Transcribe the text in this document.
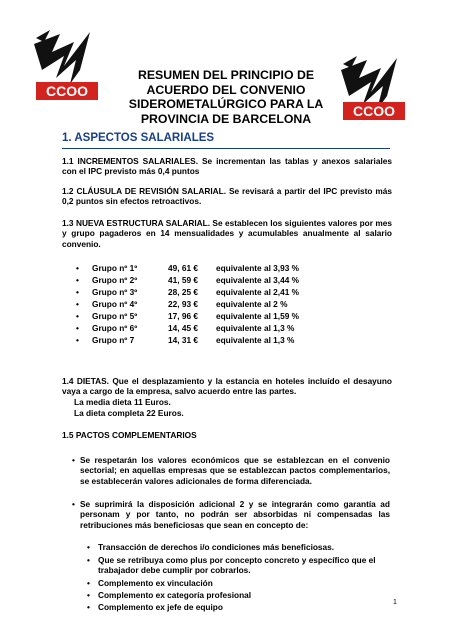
CCOO
CCOO
RESUMEN DEL PRINCIPIO DE
ACUERDO DEL CONVENIO
SIDEROMETALÚRGICO PARA LA
PROVINCIA DE BARCELONA
1. ASPECTOS SALARIALES
1.1 INCREMENTOS SALARIALES. Se incrementan las tablas y anexos salariales con el IPC previsto más 0,4 puntos
1.2 CLÁUSULA DE REVISIÓN SALARIAL. Se revisará a partir del IPC previsto más 0,2 puntos sin efectos retroactivos.
1.3 NUEVA ESTRUCTURA SALARIAL. Se establecen los siguientes valores por mes y grupo pagaderos en 14 mensualidades y acumulables anualmente al salario convenio.
• Grupo nº 1º	49, 61 € equivalente al 3,93 %
• Grupo nº 2º	41, 59 € equivalente al 3,44 %
• Grupo nº 3º	28, 25 € equivalente al 2,41 %
• Grupo nº 4º	22, 93 € equivalente al 2 %
• Grupo nº 5º	17, 96 € equivalente al 1,59 %
• Grupo nº 6º	14, 45 € equivalente al 1,3 %
• Grupo nº 7	14, 31 € equivalente al 1,3 %
1.4 DIETAS. Que el desplazamiento y la estancia en hoteles incluído el desayuno vaya a cargo de la empresa, salvo acuerdo entre las partes.
La media dieta 11 Euros.
La dieta completa 22 Euros.
1.5 PACTOS COMPLEMENTARIOS
• Se respetarán los valores económicos que se establezcan en el convenio sectorial; en aquellas empresas que se establezcan pactos complementarios, se establecerán valores adicionales de forma diferenciada.
• Se suprimirá la disposición adicional 2 y se integrarán como garantía ad personam y por tanto, no podrán ser absorbidas ni compensadas las retribuciones más beneficiosas que sean en concepto de:
• Transacción de derechos i/o condiciones más beneficiosas.
• Que se retribuya como plus por concepto concreto y específico que el trabajador debe cumplir por cobrarlos.
• Complemento ex vinculación
• Complemento ex categoría profesional
• Complemento ex jefe de equipo	1
